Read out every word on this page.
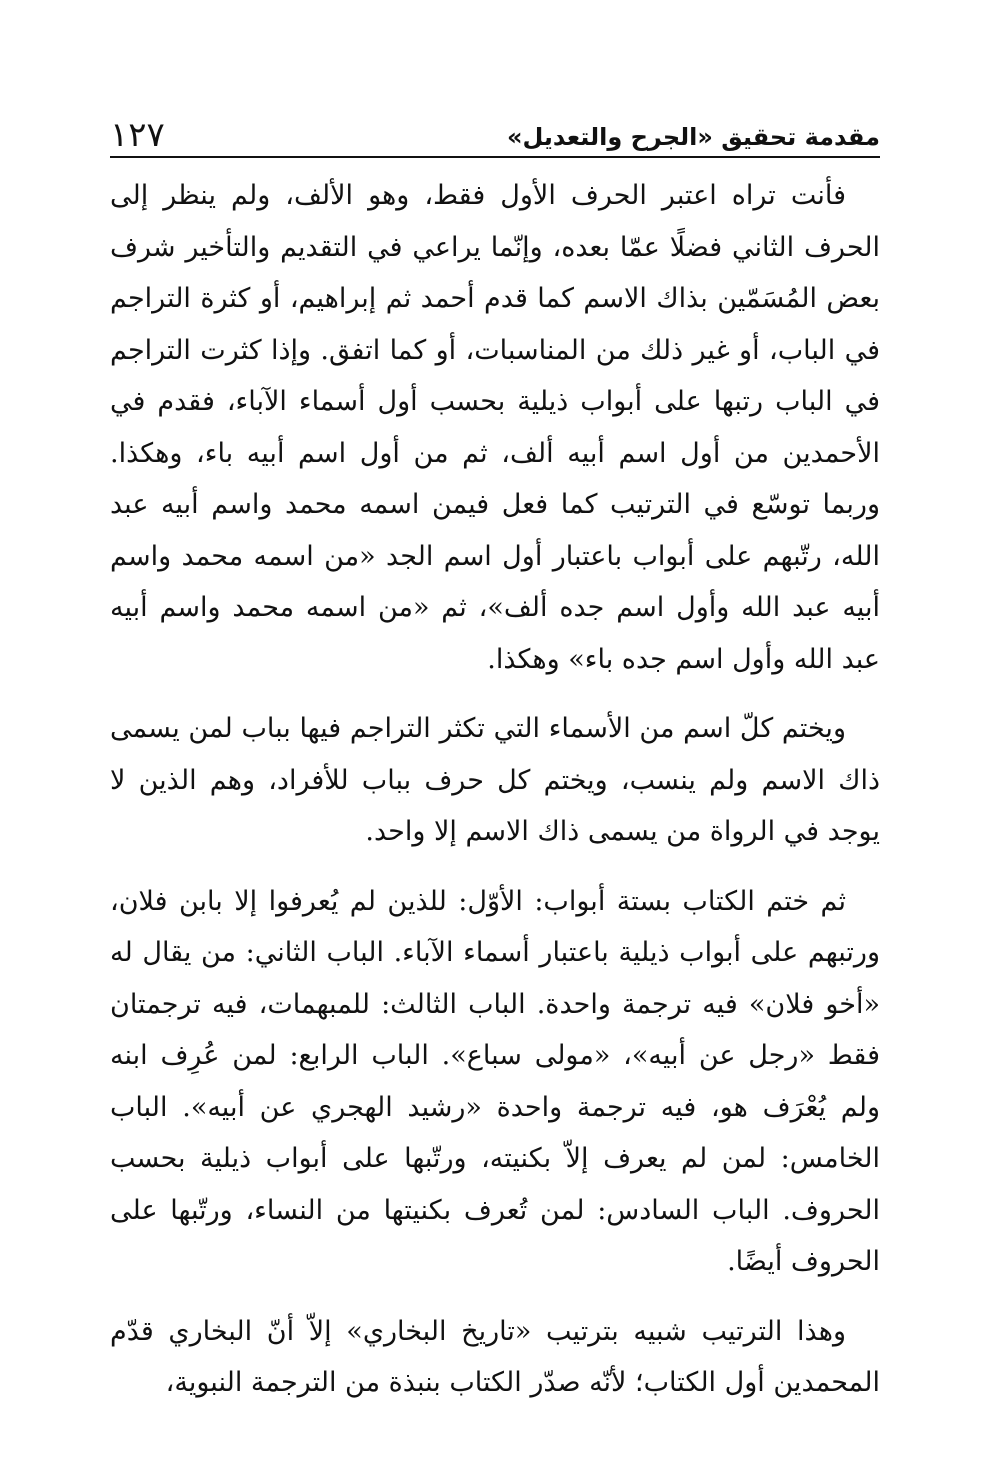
مقدمة تحقيق «الجرح والتعديل»
١٢٧

فأنت تراه اعتبر الحرف الأول فقط، وهو الألف، ولم ينظر إلى الحرف الثاني فضلًا عمّا بعده، وإنّما يراعي في التقديم والتأخير شرف بعض المُسَمّين بذاك الاسم كما قدم أحمد ثم إبراهيم، أو كثرة التراجم في الباب، أو غير ذلك من المناسبات، أو كما اتفق. وإذا كثرت التراجم في الباب رتبها على أبواب ذيلية بحسب أول أسماء الآباء، فقدم في الأحمدين من أول اسم أبيه ألف، ثم من أول اسم أبيه باء، وهكذا. وربما توسّع في الترتيب كما فعل فيمن اسمه محمد واسم أبيه عبد الله، رتّبهم على أبواب باعتبار أول اسم الجد «من اسمه محمد واسم أبيه عبد الله وأول اسم جده ألف»، ثم «من اسمه محمد واسم أبيه عبد الله وأول اسم جده باء» وهكذا.

ويختم كلّ اسم من الأسماء التي تكثر التراجم فيها بباب لمن يسمى ذاك الاسم ولم ينسب، ويختم كل حرف بباب للأفراد، وهم الذين لا يوجد في الرواة من يسمى ذاك الاسم إلا واحد.

ثم ختم الكتاب بستة أبواب: الأوّل: للذين لم يُعرفوا إلا بابن فلان، ورتبهم على أبواب ذيلية باعتبار أسماء الآباء. الباب الثاني: من يقال له «أخو فلان» فيه ترجمة واحدة. الباب الثالث: للمبهمات، فيه ترجمتان فقط «رجل عن أبيه»، «مولى سباع». الباب الرابع: لمن عُرِف ابنه ولم يُعْرَف هو، فيه ترجمة واحدة «رشيد الهجري عن أبيه». الباب الخامس: لمن لم يعرف إلاّ بكنيته، ورتّبها على أبواب ذيلية بحسب الحروف. الباب السادس: لمن تُعرف بكنيتها من النساء، ورتّبها على الحروف أيضًا.

وهذا الترتيب شبيه بترتيب «تاريخ البخاري» إلاّ أنّ البخاري قدّم المحمدين أول الكتاب؛ لأنّه صدّر الكتاب بنبذة من الترجمة النبوية،
